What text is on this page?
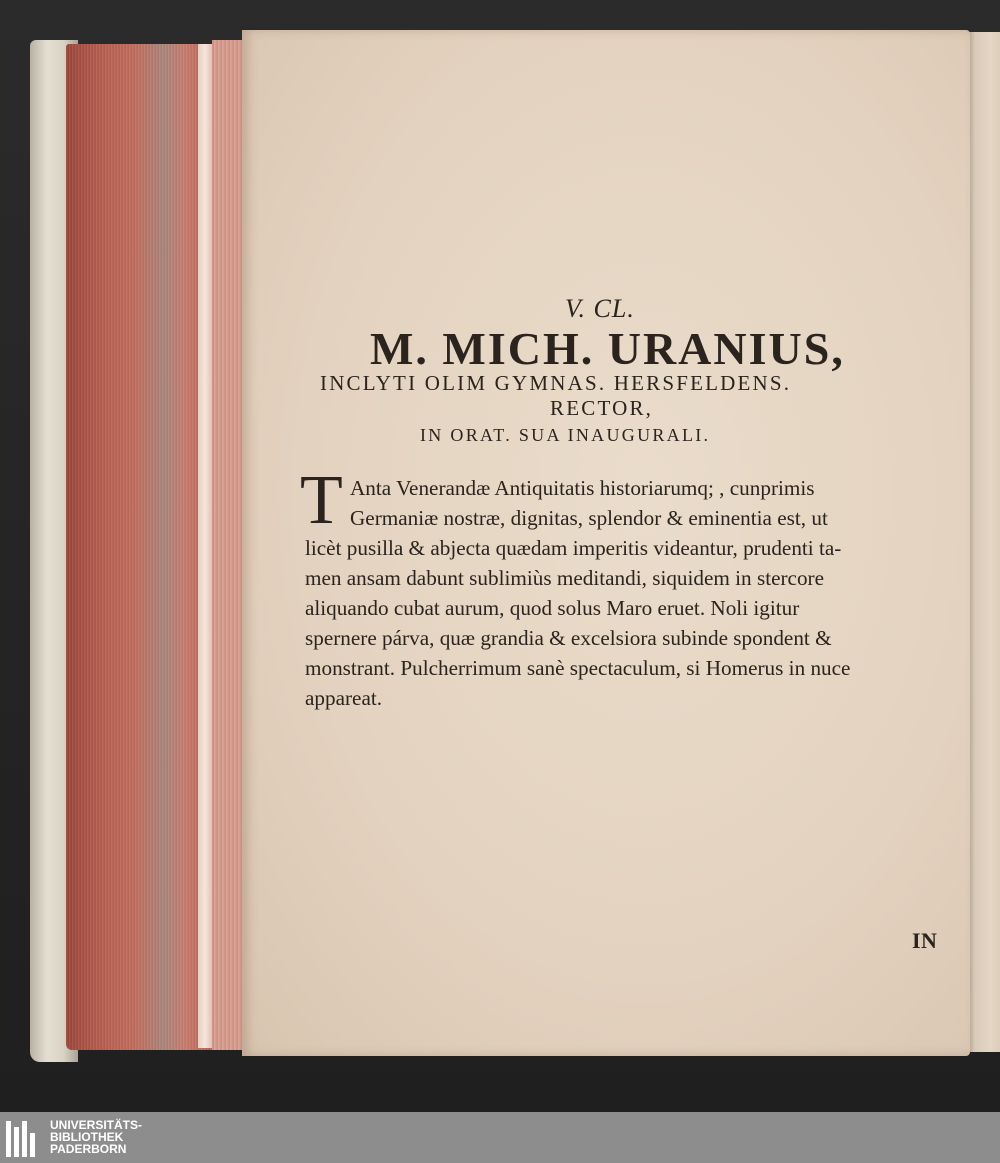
V. CL.
M. MICH. URANIUS,
INCLYTI OLIM GYMNAS. HERSFELDENS.
RECTOR,
IN ORAT. SUA INAUGURALI.
T Anta Venerandæ Antiquitatis historiarumq; , cunprimis
Germaniæ nostræ, dignitas, splendor & eminentia est, ut
licèt pusilla & abjecta quædam imperitis videantur, prudenti ta-
men ansam dabunt sublimiùs meditandi, siquidem in stercore
aliquando cubat aurum, quod solus Maro eruet. Noli igitur
spernere párva, quæ grandia & excelsiora subinde spondent &
monstrant. Pulcherrimum sanè spectaculum, si Homerus in nuce
appareat.
IN
UNIVERSITÄTS-
BIBLIOTHEK
PADERBORN
